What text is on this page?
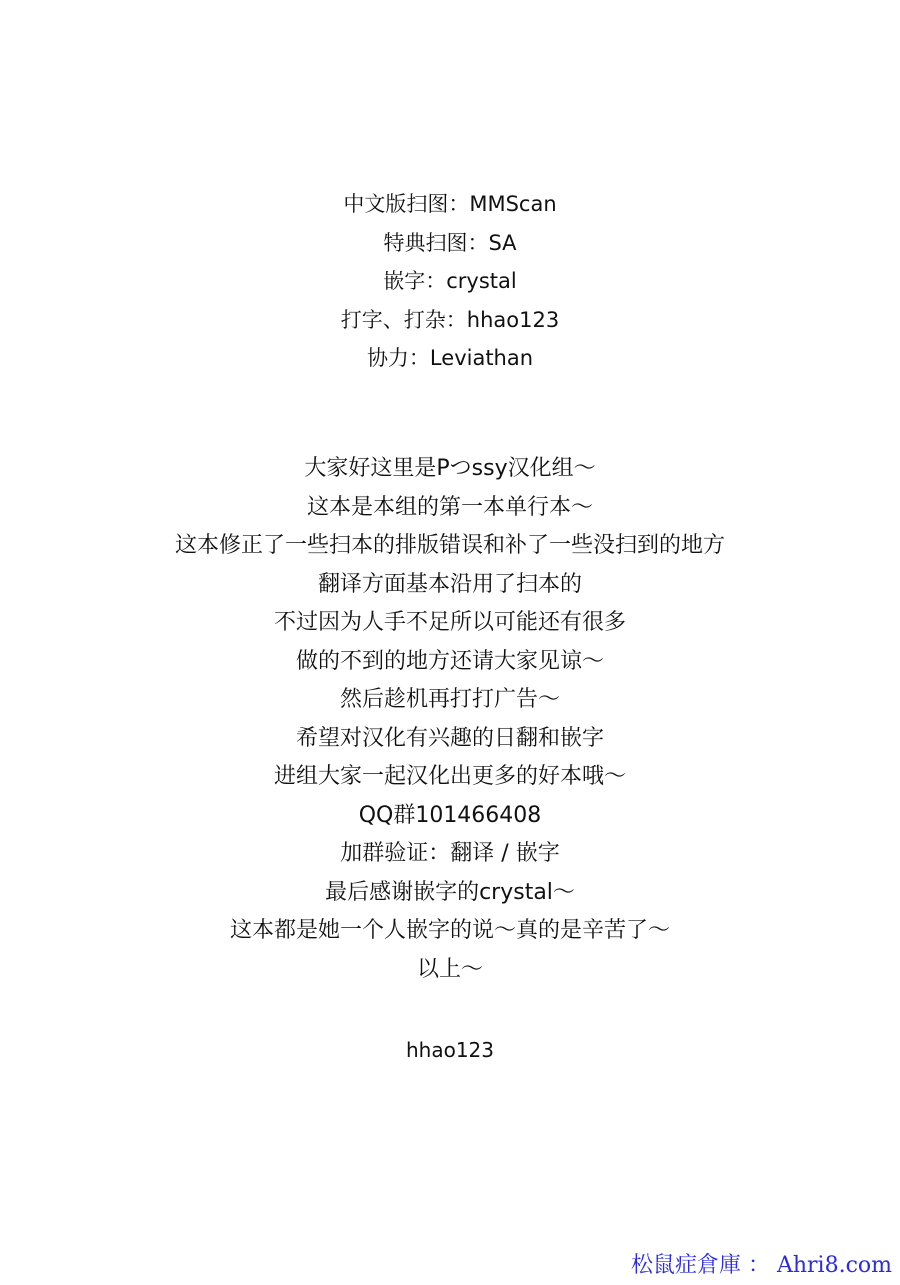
中文版扫图：MMScan
特典扫图：SA
嵌字：crystal
打字、打杂：hhao123
协力：Leviathan
大家好这里是Pつssy汉化组～
这本是本组的第一本单行本～
这本修正了一些扫本的排版错误和补了一些没扫到的地方
翻译方面基本沿用了扫本的
不过因为人手不足所以可能还有很多
做的不到的地方还请大家见谅～
然后趁机再打打广告～
希望对汉化有兴趣的日翻和嵌字
进组大家一起汉化出更多的好本哦～
QQ群101466408
加群验证：翻译 / 嵌字
最后感谢嵌字的crystal～
这本都是她一个人嵌字的说～真的是辛苦了～
以上～
hhao123
松鼠症倉庫 ： Ahri8.com
